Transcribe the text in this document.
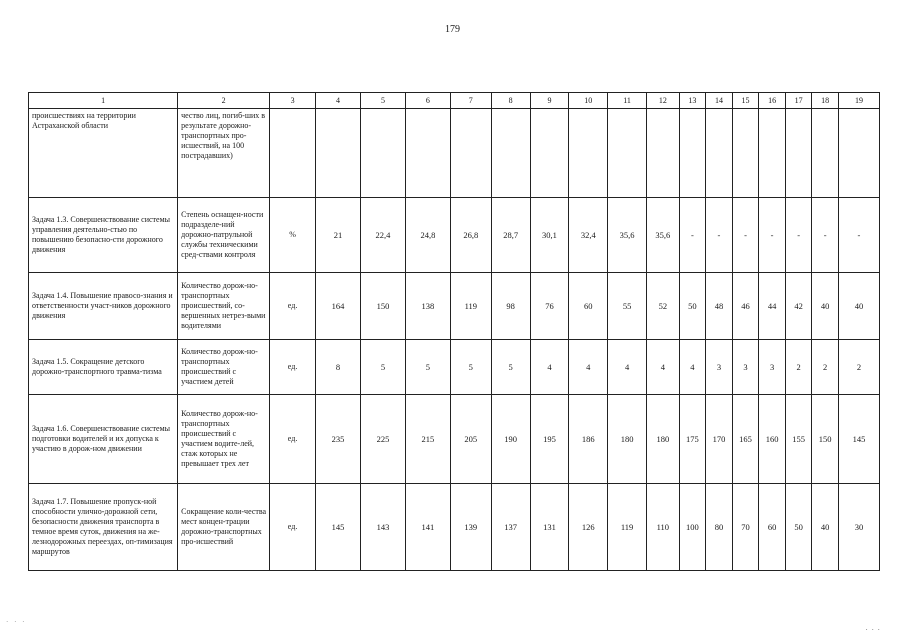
179
1	2	3	4	5	6	7	8	9	10	11	12	13	14	15	16	17	18	19
происшествиях на территории Астраханской области	чество лиц, погиб-ших в результате дорожно-транспортных про-исшествий, на 100 пострадавших)																	
Задача 1.3. Совершенствование системы управления деятельно-стью по повышению безопасно-сти дорожного движения	Степень оснащен-ности подразделе-ний дорожно-патрульной службы техническими сред-ствами контроля	%	21	22,4	24,8	26,8	28,7	30,1	32,4	35,6	35,6	-	-	-	-	-	-	-
Задача 1.4. Повышение правосо-знания и ответственности участ-ников дорожного движения	Количество дорож-но-транспортных происшествий, со-вершенных нетрез-выми водителями	ед.	164	150	138	119	98	76	60	55	52	50	48	46	44	42	40	40
Задача 1.5. Сокращение детского дорожно-транспортного травма-тизма	Количество дорож-но-транспортных происшествий с участием детей	ед.	8	5	5	5	5	4	4	4	4	4	3	3	3	2	2	2
Задача 1.6. Совершенствование системы подготовки водителей и их допуска к участию в дорож-ном движении	Количество дорож-но-транспортных происшествий с участием водите-лей, стаж которых не превышает трех лет	ед.	235	225	215	205	190	195	186	180	180	175	170	165	160	155	150	145
Задача 1.7. Повышение пропуск-ной способности улично-дорожной сети, безопасности движения транспорта в темное время суток, движения на же-лезнодорожных переездах, оп-тимизация маршрутов	Сокращение коли-чества мест концен-трации дорожно-транспортных про-исшествий	ед.	145	143	141	139	137	131	126	119	110	100	80	70	60	50	40	30
· · ·
· · ·
